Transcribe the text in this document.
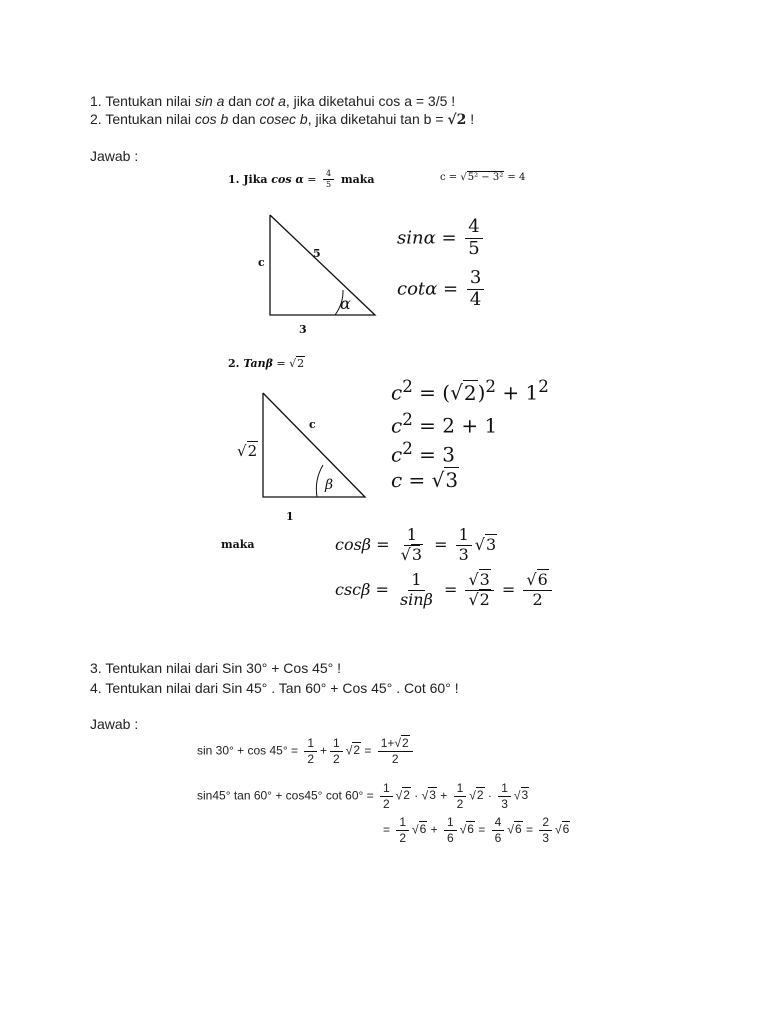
1. Tentukan nilai sin a dan cot a, jika diketahui cos a = 3/5 !
2. Tentukan nilai cos b dan cosec b, jika diketahui tan b = √2 !
Jawab :
1. Jika $\cos \alpha = \frac{4}{5}$ maka	c = √5² − 3² = 4
c
5
3
α
$\sin\alpha = \frac{4}{5}$
$\cot\alpha = \frac{3}{4}$
2. Tanβ = √2
√2
c
1
β
$c^2 = (√2)^2 + 1^2$
$c^2 = 2 + 1$
$c^2 = 3$
c = √3
maka	$\cos\beta = \frac{1}{√3} = \frac{1}{3} √3$
$\csc\beta = \frac{1}{\sin\beta} = \frac{√3}{√2} = \frac{√6}{2}$
3. Tentukan nilai dari Sin 30° + Cos 45° !
4. Tentukan nilai dari Sin 45° . Tan 60° + Cos 45° . Cot 60° !
Jawab :
$\sin 30^\circ + \cos 45^\circ = \frac{1}{2} + \frac{1}{2} √2 = \frac{1+√2}{2}$
sin45° tan 60° + cos45° $\cot 60^\circ = \frac{1}{2} √2 \cdot √3 + \frac{1}{2} √2 \cdot \frac{1}{3} √3$
= $\frac{1}{2} √6 + \frac{1}{6} √6 = \frac{4}{6} √6 = \frac{2}{3} √6$
